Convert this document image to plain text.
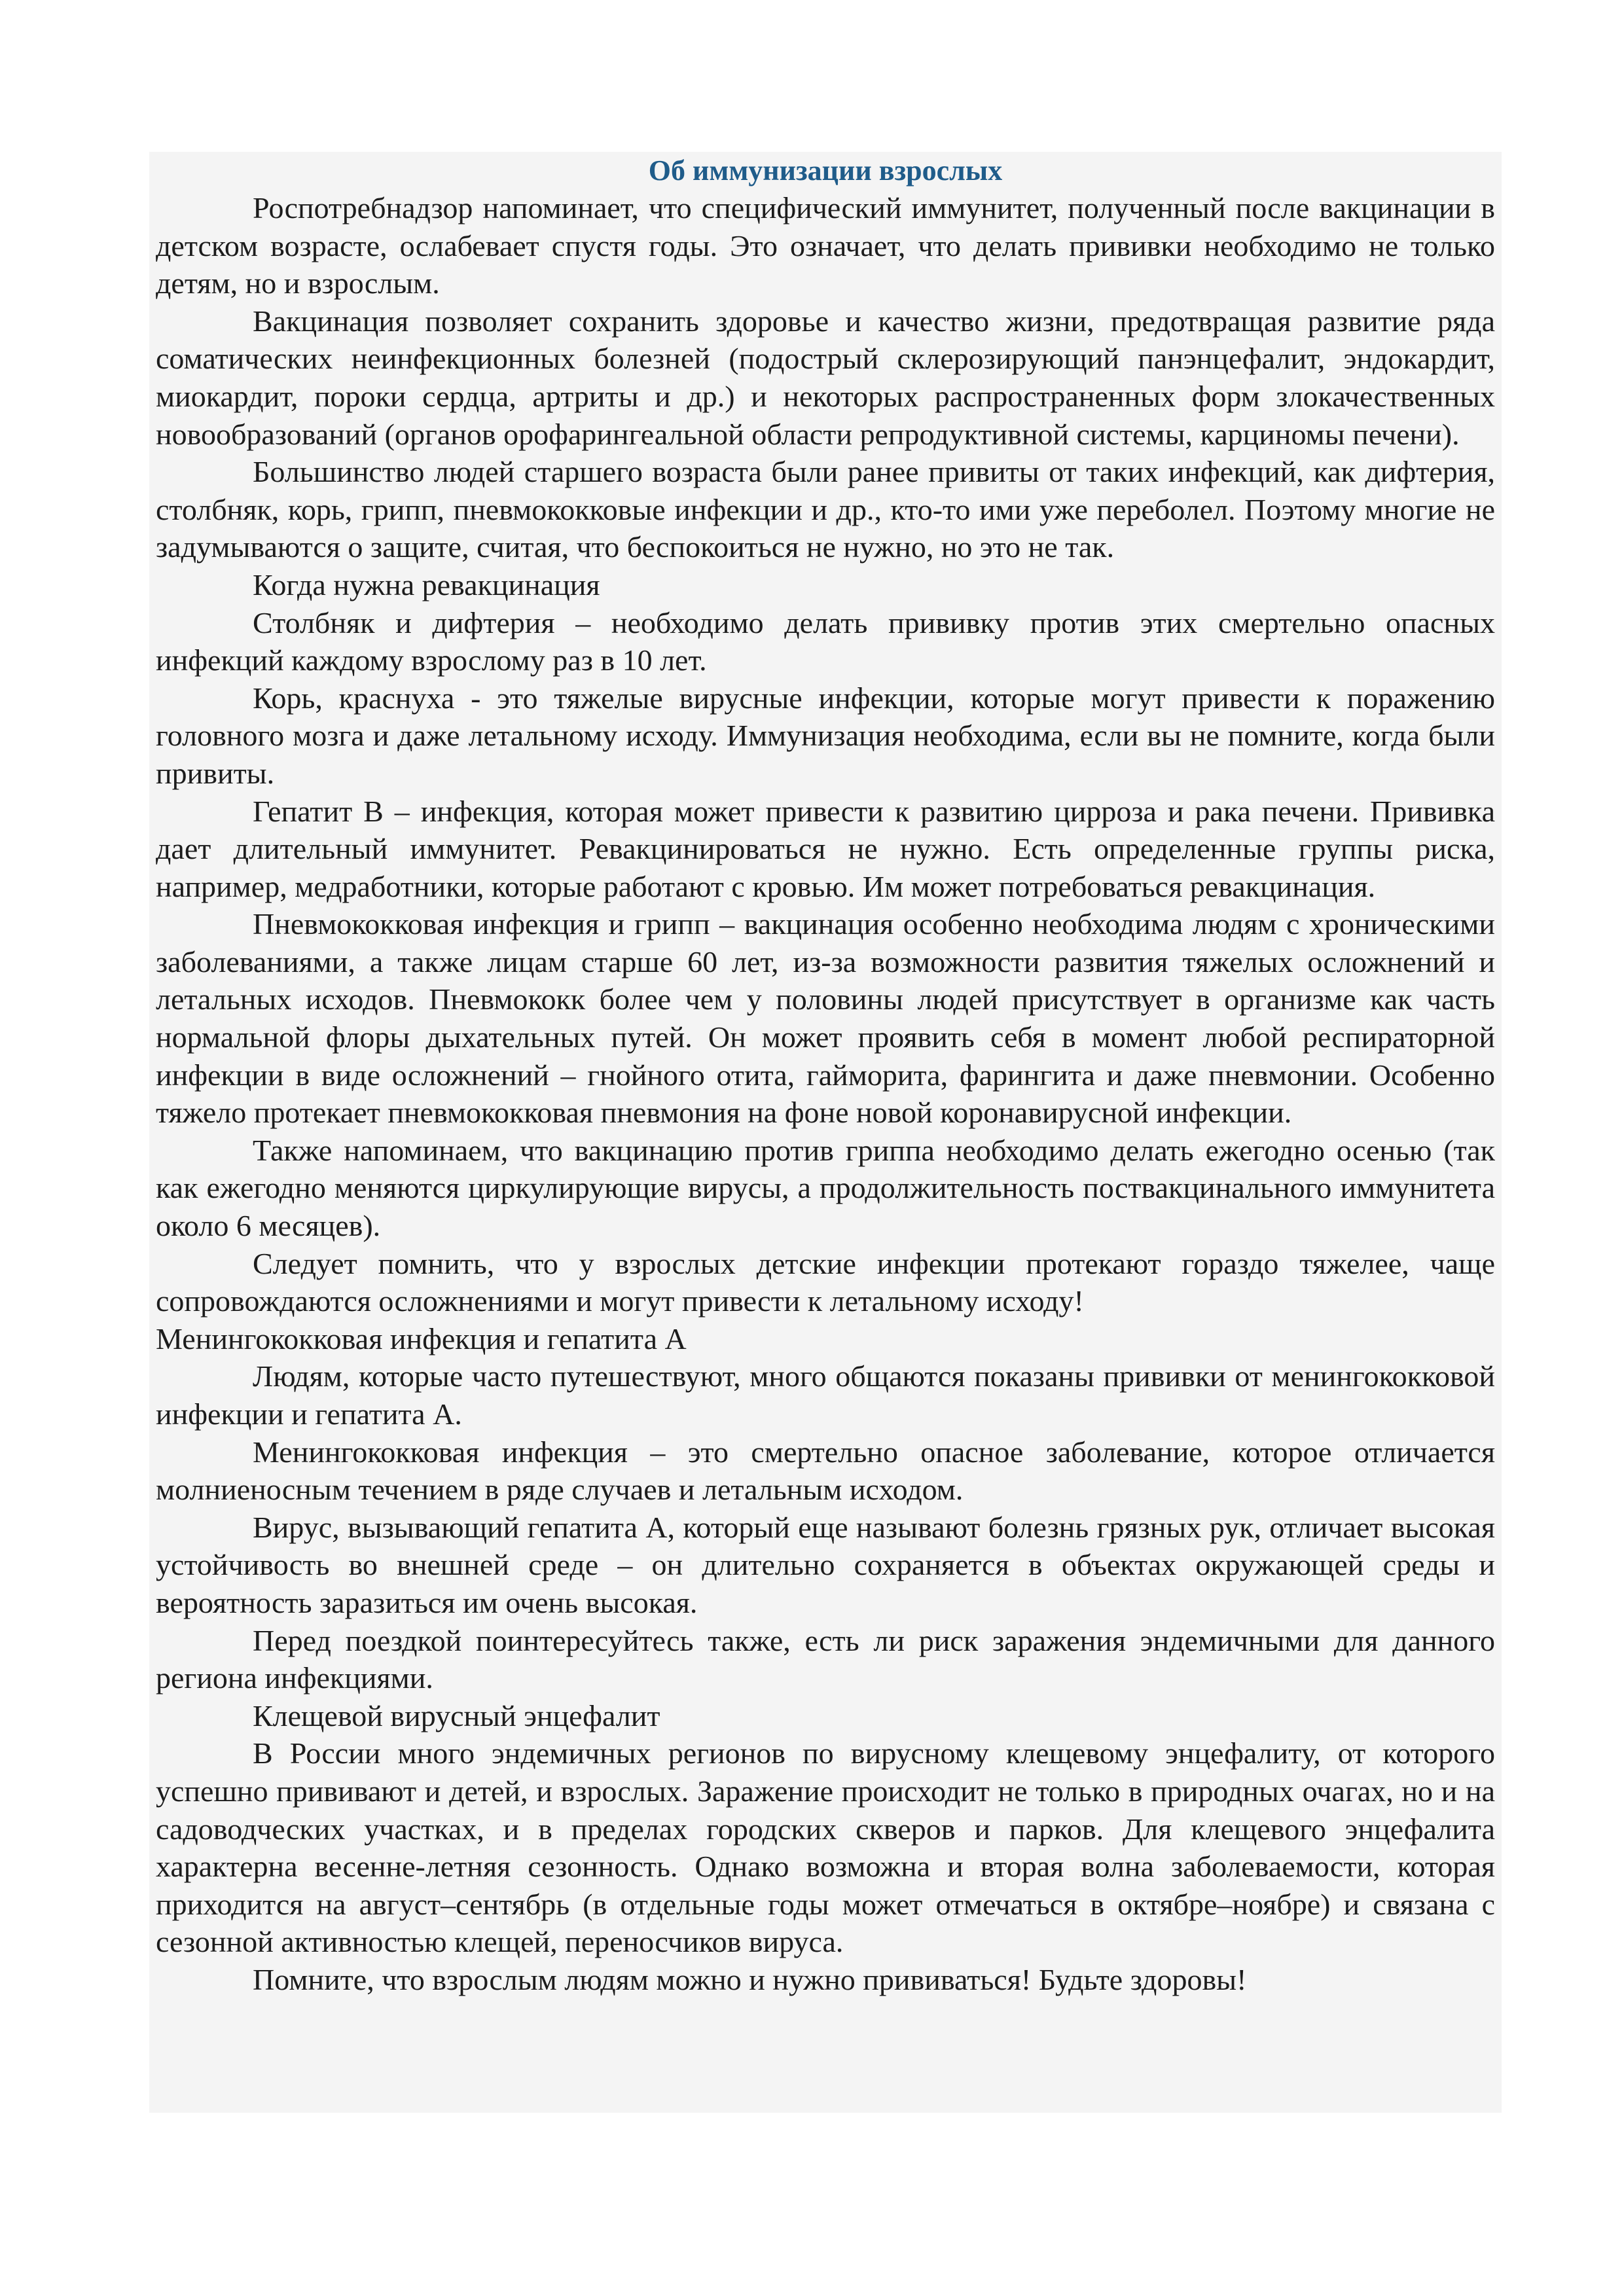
Об иммунизации взрослых

Роспотребнадзор напоминает, что специфический иммунитет, полученный после вакцинации в детском возрасте, ослабевает спустя годы. Это означает, что делать прививки необходимо не только детям, но и взрослым.

Вакцинация позволяет сохранить здоровье и качество жизни, предотвращая развитие ряда соматических неинфекционных болезней (подострый склерозирующий панэнцефалит, эндокардит, миокардит, пороки сердца, артриты и др.) и некоторых распространенных форм злокачественных новообразований (органов орофарингеальной области репродуктивной системы, карциномы печени).

Большинство людей старшего возраста были ранее привиты от таких инфекций, как дифтерия, столбняк, корь, грипп, пневмококковые инфекции и др., кто-то ими уже переболел. Поэтому многие не задумываются о защите, считая, что беспокоиться не нужно, но это не так.

Когда нужна ревакцинация

Столбняк и дифтерия – необходимо делать прививку против этих смертельно опасных инфекций каждому взрослому раз в 10 лет.

Корь, краснуха - это тяжелые вирусные инфекции, которые могут привести к поражению головного мозга и даже летальному исходу. Иммунизация необходима, если вы не помните, когда были привиты.

Гепатит В – инфекция, которая может привести к развитию цирроза и рака печени. Прививка дает длительный иммунитет. Ревакцинироваться не нужно. Есть определенные группы риска, например, медработники, которые работают с кровью. Им может потребоваться ревакцинация.

Пневмококковая инфекция и грипп – вакцинация особенно необходима людям с хроническими заболеваниями, а также лицам старше 60 лет, из-за возможности развития тяжелых осложнений и летальных исходов. Пневмококк более чем у половины людей присутствует в организме как часть нормальной флоры дыхательных путей. Он может проявить себя в момент любой респираторной инфекции в виде осложнений – гнойного отита, гайморита, фарингита и даже пневмонии. Особенно тяжело протекает пневмококковая пневмония на фоне новой коронавирусной инфекции.

Также напоминаем, что вакцинацию против гриппа необходимо делать ежегодно осенью (так как ежегодно меняются циркулирующие вирусы, а продолжительность поствакцинального иммунитета около 6 месяцев).

Следует помнить, что у взрослых детские инфекции протекают гораздо тяжелее, чаще сопровождаются осложнениями и могут привести к летальному исходу!

Менингококковая инфекция и гепатита А

Людям, которые часто путешествуют, много общаются показаны прививки от менингококковой инфекции и гепатита А.

Менингококковая инфекция – это смертельно опасное заболевание, которое отличается молниеносным течением в ряде случаев и летальным исходом.

Вирус, вызывающий гепатита А, который еще называют болезнь грязных рук, отличает высокая устойчивость во внешней среде – он длительно сохраняется в объектах окружающей среды и вероятность заразиться им очень высокая.

Перед поездкой поинтересуйтесь также, есть ли риск заражения эндемичными для данного региона инфекциями.

Клещевой вирусный энцефалит

В России много эндемичных регионов по вирусному клещевому энцефалиту, от которого успешно прививают и детей, и взрослых. Заражение происходит не только в природных очагах, но и на садоводческих участках, и в пределах городских скверов и парков. Для клещевого энцефалита характерна весенне-летняя сезонность. Однако возможна и вторая волна заболеваемости, которая приходится на август–сентябрь (в отдельные годы может отмечаться в октябре–ноябре) и связана с сезонной активностью клещей, переносчиков вируса.

Помните, что взрослым людям можно и нужно прививаться! Будьте здоровы!
